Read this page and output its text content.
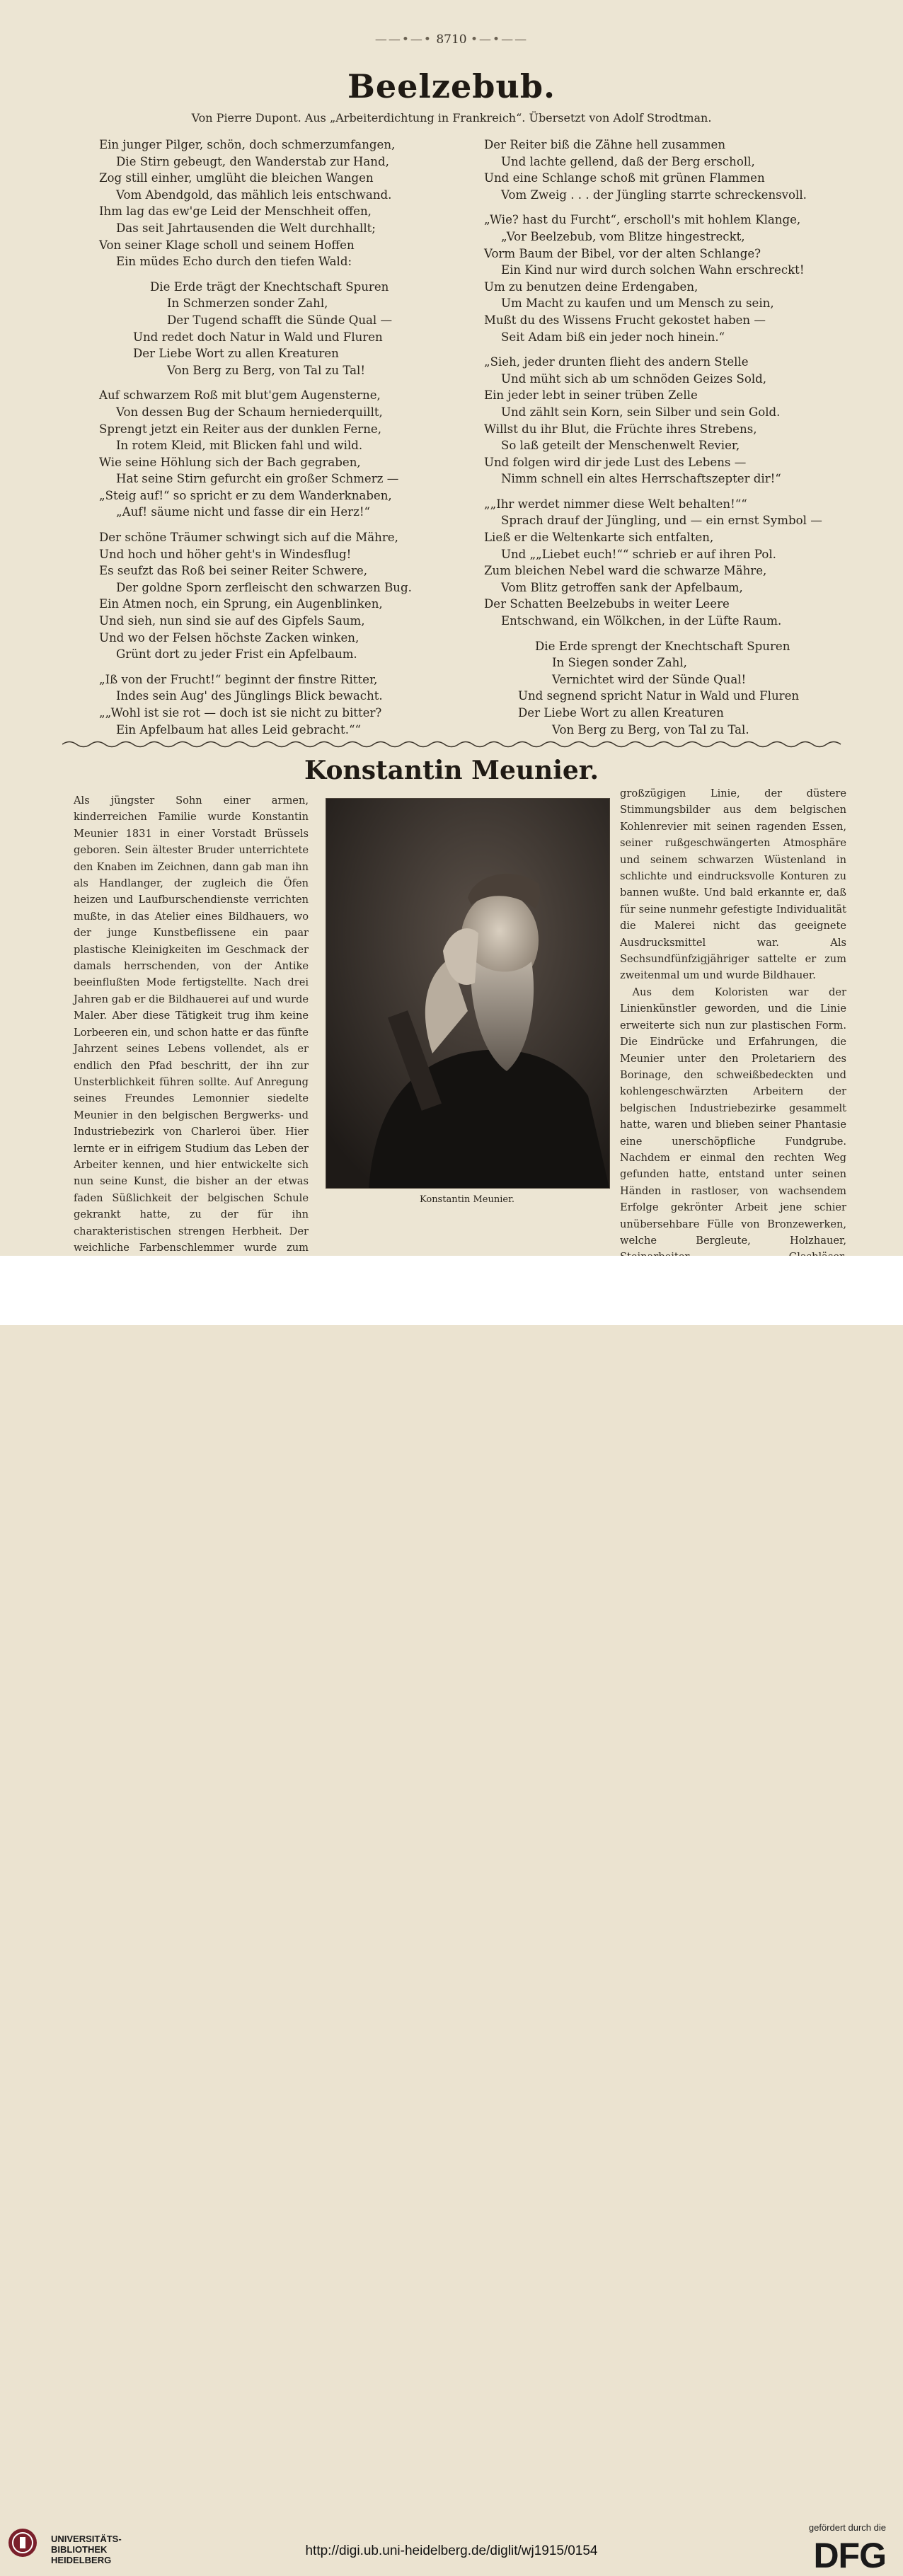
——•—• 8710 •—•——
Beelzebub.
Von Pierre Dupont. Aus „Arbeiterdichtung in Frankreich“. Übersetzt von Adolf Strodtman.
Ein junger Pilger, schön, doch schmerzumfangen,
Die Stirn gebeugt, den Wanderstab zur Hand,
Zog still einher, umglüht die bleichen Wangen
Vom Abendgold, das mählich leis entschwand.
Ihm lag das ew'ge Leid der Menschheit offen,
Das seit Jahrtausenden die Welt durchhallt;
Von seiner Klage scholl und seinem Hoffen
Ein müdes Echo durch den tiefen Wald:
Die Erde trägt der Knechtschaft Spuren
In Schmerzen sonder Zahl,
Der Tugend schafft die Sünde Qual —
Und redet doch Natur in Wald und Fluren
Der Liebe Wort zu allen Kreaturen
Von Berg zu Berg, von Tal zu Tal!
Auf schwarzem Roß mit blut'gem Augensterne,
Von dessen Bug der Schaum herniederquillt,
Sprengt jetzt ein Reiter aus der dunklen Ferne,
In rotem Kleid, mit Blicken fahl und wild.
Wie seine Höhlung sich der Bach gegraben,
Hat seine Stirn gefurcht ein großer Schmerz —
„Steig auf!“ so spricht er zu dem Wanderknaben,
„Auf! säume nicht und fasse dir ein Herz!“
Der schöne Träumer schwingt sich auf die Mähre,
Und hoch und höher geht's in Windesflug!
Es seufzt das Roß bei seiner Reiter Schwere,
Der goldne Sporn zerfleischt den schwarzen Bug.
Ein Atmen noch, ein Sprung, ein Augenblinken,
Und sieh, nun sind sie auf des Gipfels Saum,
Und wo der Felsen höchste Zacken winken,
Grünt dort zu jeder Frist ein Apfelbaum.
„Iß von der Frucht!“ beginnt der finstre Ritter,
Indes sein Aug' des Jünglings Blick bewacht.
„„Wohl ist sie rot — doch ist sie nicht zu bitter?
Ein Apfelbaum hat alles Leid gebracht.““
Der Reiter biß die Zähne hell zusammen
Und lachte gellend, daß der Berg erscholl,
Und eine Schlange schoß mit grünen Flammen
Vom Zweig . . . der Jüngling starrte schreckensvoll.
„Wie? hast du Furcht“, erscholl's mit hohlem Klange,
„Vor Beelzebub, vom Blitze hingestreckt,
Vorm Baum der Bibel, vor der alten Schlange?
Ein Kind nur wird durch solchen Wahn erschreckt!
Um zu benutzen deine Erdengaben,
Um Macht zu kaufen und um Mensch zu sein,
Mußt du des Wissens Frucht gekostet haben —
Seit Adam biß ein jeder noch hinein.“
„Sieh, jeder drunten flieht des andern Stelle
Und müht sich ab um schnöden Geizes Sold,
Ein jeder lebt in seiner trüben Zelle
Und zählt sein Korn, sein Silber und sein Gold.
Willst du ihr Blut, die Früchte ihres Strebens,
So laß geteilt der Menschenwelt Revier,
Und folgen wird dir jede Lust des Lebens —
Nimm schnell ein altes Herrschaftszepter dir!“
„„Ihr werdet nimmer diese Welt behalten!““
Sprach drauf der Jüngling, und — ein ernst Symbol —
Ließ er die Weltenkarte sich entfalten,
Und „„Liebet euch!““ schrieb er auf ihren Pol.
Zum bleichen Nebel ward die schwarze Mähre,
Vom Blitz getroffen sank der Apfelbaum,
Der Schatten Beelzebubs in weiter Leere
Entschwand, ein Wölkchen, in der Lüfte Raum.
Die Erde sprengt der Knechtschaft Spuren
In Siegen sonder Zahl,
Vernichtet wird der Sünde Qual!
Und segnend spricht Natur in Wald und Fluren
Der Liebe Wort zu allen Kreaturen
Von Berg zu Berg, von Tal zu Tal.
Konstantin Meunier.

Als jüngster Sohn einer armen, kinderreichen Familie wurde Konstantin Meunier 1831 in einer Vorstadt Brüssels geboren. Sein ältester Bruder unterrichtete den Knaben im Zeichnen, dann gab man ihn als Handlanger, der zugleich die Öfen heizen und Laufburschendienste verrichten mußte, in das Atelier eines Bildhauers, wo der junge Kunstbeflissene ein paar plastische Kleinigkeiten im Geschmack der damals herrschenden, von der Antike beeinflußten Mode fertigstellte. Nach drei Jahren gab er die Bildhauerei auf und wurde Maler. Aber diese Tätigkeit trug ihm keine Lorbeeren ein, und schon hatte er das fünfte Jahrzent seines Lebens vollendet, als er endlich den Pfad beschritt, der ihn zur Unsterblichkeit führen sollte. Auf Anregung seines Freundes Lemonnier siedelte Meunier in den belgischen Bergwerks- und Industriebezirk von Charleroi über. Hier lernte er in eifrigem Studium das Leben der Arbeiter kennen, und hier entwickelte sich nun seine Kunst, die bisher an der etwas faden Süßlichkeit der belgischen Schule gekrankt hatte, zu der für ihn charakteristischen strengen Herbheit. Der weichliche Farbenschlemmer wurde zum

Konstantin Meunier.

großzügigen Linie, der düstere Stimmungsbilder aus dem belgischen Kohlenrevier mit seinen ragenden Essen, seiner rußgeschwängerten Atmosphäre und seinem schwarzen Wüstenland in schlichte und eindrucksvolle Konturen zu bannen wußte. Und bald erkannte er, daß für seine nunmehr gefestigte Individualität die Malerei nicht das geeignete Ausdrucksmittel war. Als Sechsundfünfzigjähriger sattelte er zum zweitenmal um und wurde Bildhauer.

Aus dem Koloristen war der Linienkünstler geworden, und die Linie erweiterte sich nun zur plastischen Form. Die Eindrücke und Erfahrungen, die Meunier unter den Proletariern des Borinage, den schweißbedeckten und kohlengeschwärzten Arbeitern der belgischen Industriebezirke gesammelt hatte, waren und blieben seiner Phantasie eine unerschöpfliche Fundgrube. Nachdem er einmal den rechten Weg gefunden hatte, entstand unter seinen Händen in rastloser, von wachsendem Erfolge gekrönter Arbeit jene schier unübersehbare Fülle von Bronzewerken, welche Bergleute, Holzhauer,

UNIVERSITÄTS-
BIBLIOTHEK
HEIDELBERG
http://digi.ub.uni-heidelberg.de/diglit/wj1915/0154
gefördert durch die
DFG
